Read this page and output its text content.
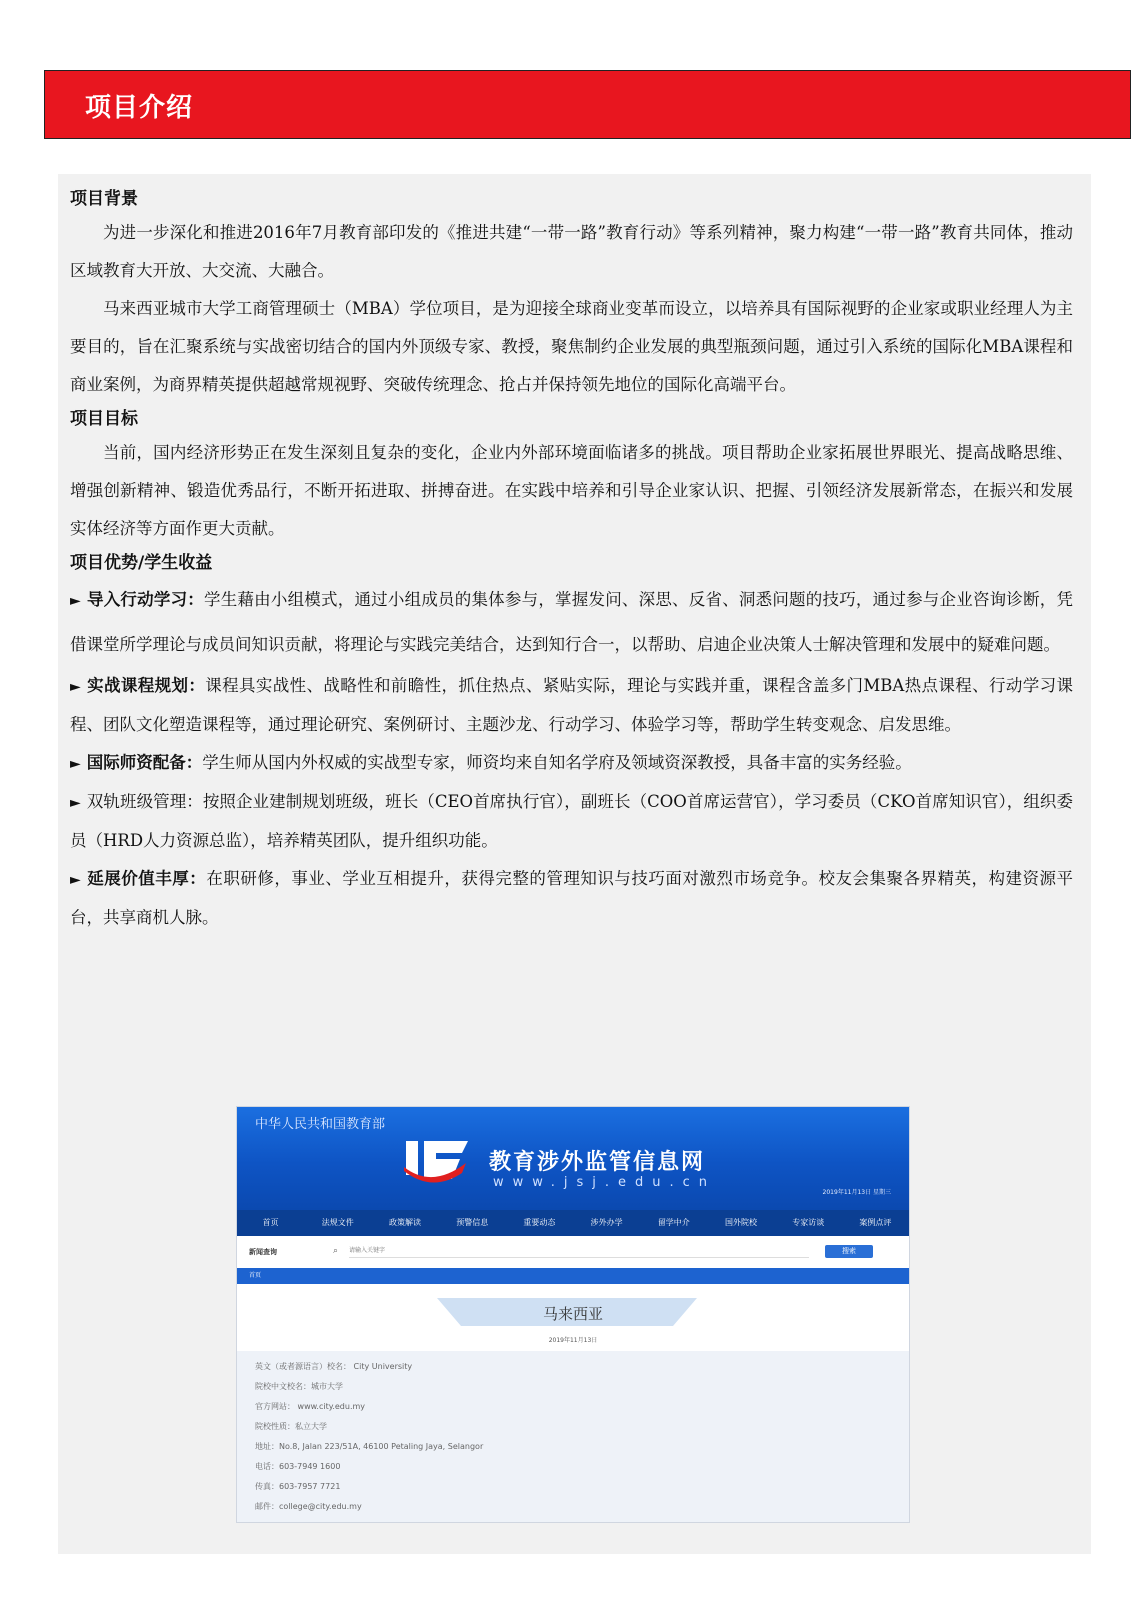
项目介绍

项目背景

为进一步深化和推进2016年7月教育部印发的《推进共建“一带一路”教育行动》等系列精神，聚力构建“一带一路”教育共同体，推动区域教育大开放、大交流、大融合。

马来西亚城市大学工商管理硕士（MBA）学位项目，是为迎接全球商业变革而设立，以培养具有国际视野的企业家或职业经理人为主要目的，旨在汇聚系统与实战密切结合的国内外顶级专家、教授，聚焦制约企业发展的典型瓶颈问题，通过引入系统的国际化MBA课程和商业案例，为商界精英提供超越常规视野、突破传统理念、抢占并保持领先地位的国际化高端平台。

项目目标

当前，国内经济形势正在发生深刻且复杂的变化，企业内外部环境面临诸多的挑战。项目帮助企业家拓展世界眼光、提高战略思维、增强创新精神、锻造优秀品行，不断开拓进取、拼搏奋进。在实践中培养和引导企业家认识、把握、引领经济发展新常态，在振兴和发展实体经济等方面作更大贡献。

项目优势/学生收益

► 导入行动学习：学生藉由小组模式，通过小组成员的集体参与，掌握发问、深思、反省、洞悉问题的技巧，通过参与企业咨询诊断，凭借课堂所学理论与成员间知识贡献，将理论与实践完美结合，达到知行合一，以帮助、启迪企业决策人士解决管理和发展中的疑难问题。

► 实战课程规划：课程具实战性、战略性和前瞻性，抓住热点、紧贴实际，理论与实践并重，课程含盖多门MBA热点课程、行动学习课程、团队文化塑造课程等，通过理论研究、案例研讨、主题沙龙、行动学习、体验学习等，帮助学生转变观念、启发思维。

► 国际师资配备：学生师从国内外权威的实战型专家，师资均来自知名学府及领域资深教授，具备丰富的实务经验。

► 双轨班级管理：按照企业建制规划班级，班长（CEO首席执行官），副班长（COO首席运营官），学习委员（CKO首席知识官），组织委员（HRD人力资源总监），培养精英团队，提升组织功能。

► 延展价值丰厚：在职研修，事业、学业互相提升，获得完整的管理知识与技巧面对激烈市场竞争。校友会集聚各界精英，构建资源平台，共享商机人脉。

中华人民共和国教育部
教育涉外监管信息网
www.jsj.edu.cn
2019年11月13日 星期三
首页	法规文件	政策解读	预警信息	重要动态	涉外办学	留学中介	国外院校	专家访谈	案例点评
新闻查询	⌕
请输入关键字	搜索
首页
马来西亚
2019年11月13日
英文（或者源语言）校名： City University
院校中文校名：城市大学
官方网站： www.city.edu.my
院校性质：私立大学
地址：No.8, Jalan 223/51A, 46100 Petaling Jaya, Selangor
电话：603-7949 1600
传真：603-7957 7721
邮件：college@city.edu.my
